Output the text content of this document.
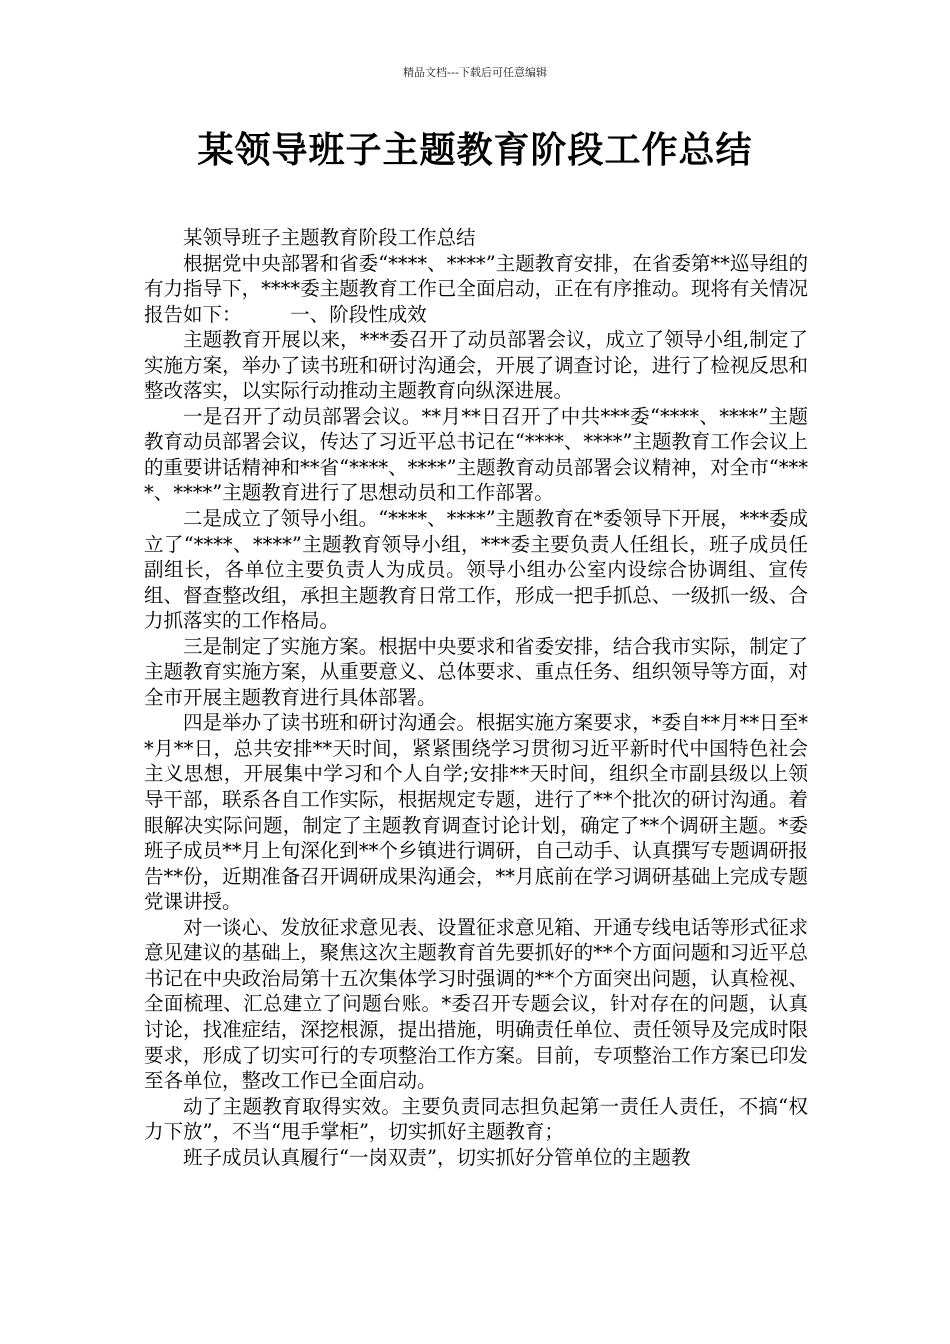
精品文档---下载后可任意编辑
某领导班子主题教育阶段工作总结

某领导班子主题教育阶段工作总结

根据党中央部署和省委“****、****”主题教育安排，在省委第**巡导组的有力指导下，****委主题教育工作已全面启动，正在有序推动。现将有关情况报告如下：　　　一、阶段性成效

主题教育开展以来，***委召开了动员部署会议，成立了领导小组,制定了实施方案，举办了读书班和研讨沟通会，开展了调查讨论，进行了检视反思和整改落实，以实际行动推动主题教育向纵深进展。

一是召开了动员部署会议。**月**日召开了中共***委“****、****”主题教育动员部署会议，传达了习近平总书记在“****、****”主题教育工作会议上的重要讲话精神和**省“****、****”主题教育动员部署会议精神，对全市“****、****”主题教育进行了思想动员和工作部署。

二是成立了领导小组。“****、****”主题教育在*委领导下开展，***委成立了“****、****”主题教育领导小组，***委主要负责人任组长，班子成员任副组长，各单位主要负责人为成员。领导小组办公室内设综合协调组、宣传组、督查整改组，承担主题教育日常工作，形成一把手抓总、一级抓一级、合力抓落实的工作格局。

三是制定了实施方案。根据中央要求和省委安排，结合我市实际，制定了主题教育实施方案，从重要意义、总体要求、重点任务、组织领导等方面，对全市开展主题教育进行具体部署。

四是举办了读书班和研讨沟通会。根据实施方案要求，*委自**月**日至**月**日，总共安排**天时间，紧紧围绕学习贯彻习近平新时代中国特色社会主义思想，开展集中学习和个人自学;安排**天时间，组织全市副县级以上领导干部，联系各自工作实际，根据规定专题，进行了**个批次的研讨沟通。着眼解决实际问题，制定了主题教育调查讨论计划，确定了**个调研主题。*委班子成员**月上旬深化到**个乡镇进行调研，自己动手、认真撰写专题调研报告**份，近期准备召开调研成果沟通会，**月底前在学习调研基础上完成专题党课讲授。

对一谈心、发放征求意见表、设置征求意见箱、开通专线电话等形式征求意见建议的基础上，聚焦这次主题教育首先要抓好的**个方面问题和习近平总书记在中央政治局第十五次集体学习时强调的**个方面突出问题，认真检视、全面梳理、汇总建立了问题台账。*委召开专题会议，针对存在的问题，认真讨论，找准症结，深挖根源，提出措施，明确责任单位、责任领导及完成时限要求，形成了切实可行的专项整治工作方案。目前，专项整治工作方案已印发至各单位，整改工作已全面启动。

动了主题教育取得实效。主要负责同志担负起第一责任人责任，不搞“权力下放”，不当“甩手掌柜”，切实抓好主题教育；

班子成员认真履行“一岗双责”，切实抓好分管单位的主题教
